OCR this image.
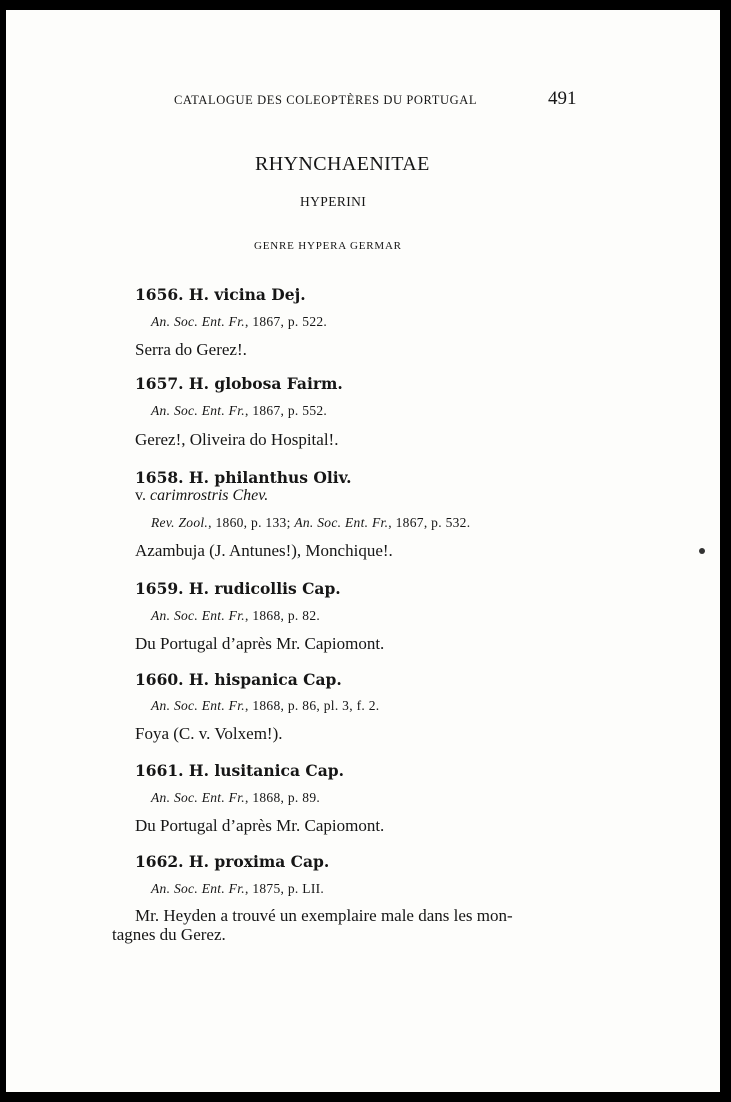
CATALOGUE DES COLEOPTÈRES DU PORTUGAL	491
RHYNCHAENITAE
HYPERINI
GENRE HYPERA GERMAR
1656. H. vicina Dej.
An. Soc. Ent. Fr., 1867, p. 522.
Serra do Gerez!.
1657. H. globosa Fairm.
An. Soc. Ent. Fr., 1867, p. 552.
Gerez!, Oliveira do Hospital!.
1658. H. philanthus Oliv.
v. carimrostris Chev.
Rev. Zool., 1860, p. 133; An. Soc. Ent. Fr., 1867, p. 532.
Azambuja (J. Antunes!), Monchique!.
1659. H. rudicollis Cap.
An. Soc. Ent. Fr., 1868, p. 82.
Du Portugal d’après Mr. Capiomont.
1660. H. hispanica Cap.
An. Soc. Ent. Fr., 1868, p. 86, pl. 3, f. 2.
Foya (C. v. Volxem!).
1661. H. lusitanica Cap.
An. Soc. Ent. Fr., 1868, p. 89.
Du Portugal d’après Mr. Capiomont.
1662. H. proxima Cap.
An. Soc. Ent. Fr., 1875, p. LII.
Mr. Heyden a trouvé un exemplaire male dans les mon-
tagnes du Gerez.
